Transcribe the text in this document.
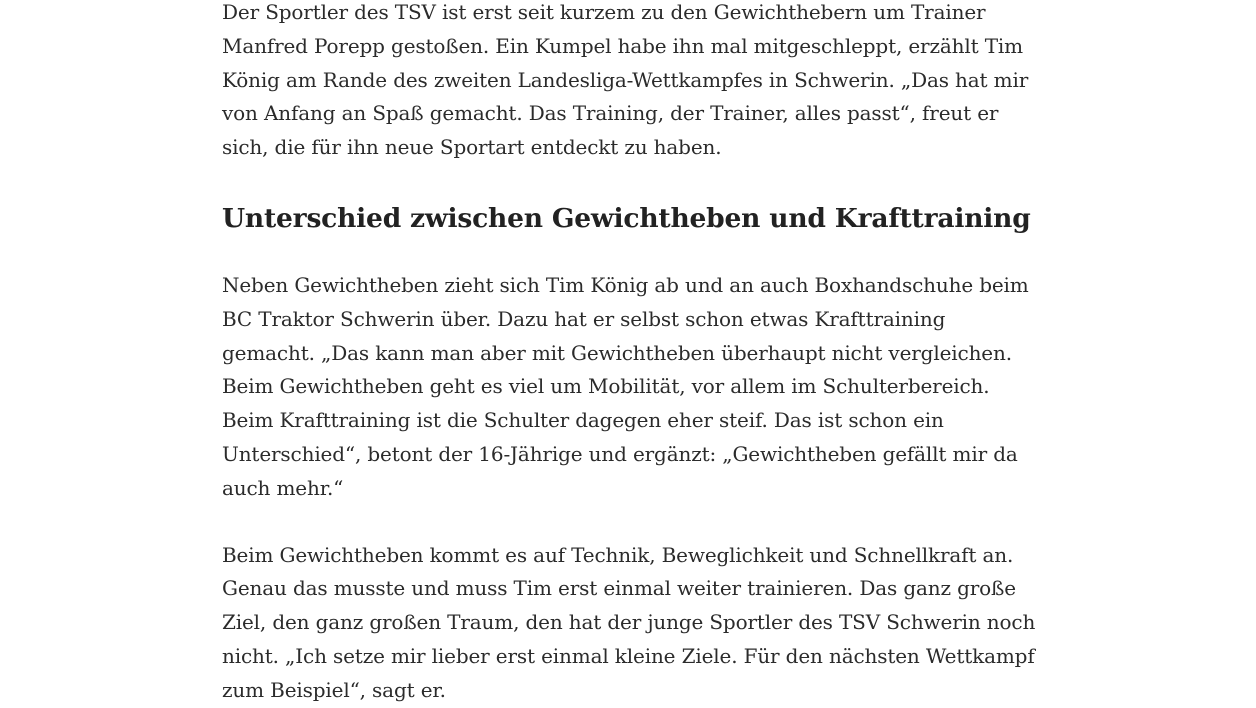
Der Sportler des TSV ist erst seit kurzem zu den Gewichthebern um Trainer Manfred Porepp gestoßen. Ein Kumpel habe ihn mal mitgeschleppt, erzählt Tim König am Rande des zweiten Landesliga-Wettkampfes in Schwerin. „Das hat mir von Anfang an Spaß gemacht. Das Training, der Trainer, alles passt“, freut er sich, die für ihn neue Sportart entdeckt zu haben.

Unterschied zwischen Gewichtheben und Krafttraining

Neben Gewichtheben zieht sich Tim König ab und an auch Boxhandschuhe beim BC Traktor Schwerin über. Dazu hat er selbst schon etwas Krafttraining gemacht. „Das kann man aber mit Gewichtheben überhaupt nicht vergleichen. Beim Gewichtheben geht es viel um Mobilität, vor allem im Schulterbereich. Beim Krafttraining ist die Schulter dagegen eher steif. Das ist schon ein Unterschied“, betont der 16-Jährige und ergänzt: „Gewichtheben gefällt mir da auch mehr.“

Beim Gewichtheben kommt es auf Technik, Beweglichkeit und Schnellkraft an. Genau das musste und muss Tim erst einmal weiter trainieren. Das ganz große Ziel, den ganz großen Traum, den hat der junge Sportler des TSV Schwerin noch nicht. „Ich setze mir lieber erst einmal kleine Ziele. Für den nächsten Wettkampf zum Beispiel“, sagt er.
